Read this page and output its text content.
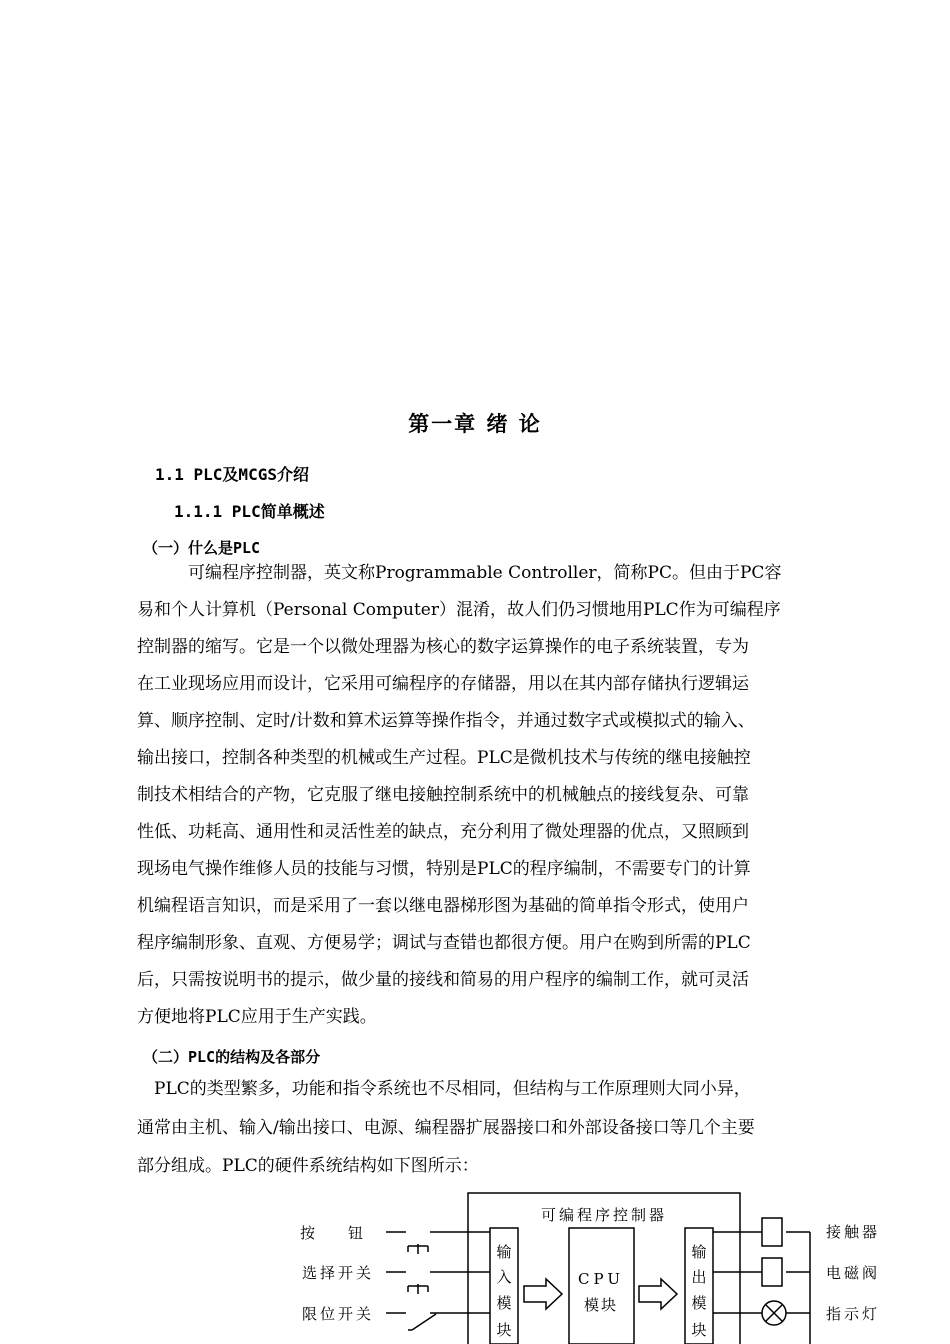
第一章 绪 论
1.1 PLC及MCGS介绍
1.1.1 PLC简单概述
（一）什么是PLC
　　　可编程序控制器，英文称Programmable Controller，简称PC。但由于PC容
易和个人计算机（Personal Computer）混淆，故人们仍习惯地用PLC作为可编程序
控制器的缩写。它是一个以微处理器为核心的数字运算操作的电子系统装置，专为
在工业现场应用而设计，它采用可编程序的存储器，用以在其内部存储执行逻辑运
算、顺序控制、定时/计数和算术运算等操作指令，并通过数字式或模拟式的输入、
输出接口，控制各种类型的机械或生产过程。PLC是微机技术与传统的继电接触控
制技术相结合的产物，它克服了继电接触控制系统中的机械触点的接线复杂、可靠
性低、功耗高、通用性和灵活性差的缺点，充分利用了微处理器的优点，又照顾到
现场电气操作维修人员的技能与习惯，特别是PLC的程序编制，不需要专门的计算
机编程语言知识，而是采用了一套以继电器梯形图为基础的简单指令形式，使用户
程序编制形象、直观、方便易学；调试与查错也都很方便。用户在购到所需的PLC
后，只需按说明书的提示，做少量的接线和简易的用户程序的编制工作，就可灵活
方便地将PLC应用于生产实践。
（二）PLC的结构及各部分
　PLC的类型繁多，功能和指令系统也不尽相同，但结构与工作原理则大同小异，
通常由主机、输入/输出接口、电源、编程器扩展器接口和外部设备接口等几个主要
部分组成。PLC的硬件系统结构如下图所示：
可编程序控制器
按　　钮
选择开关
限位开关
输
入
模
块
CPU
模块
输
出
模
块
接触器
电磁阀
指示灯
